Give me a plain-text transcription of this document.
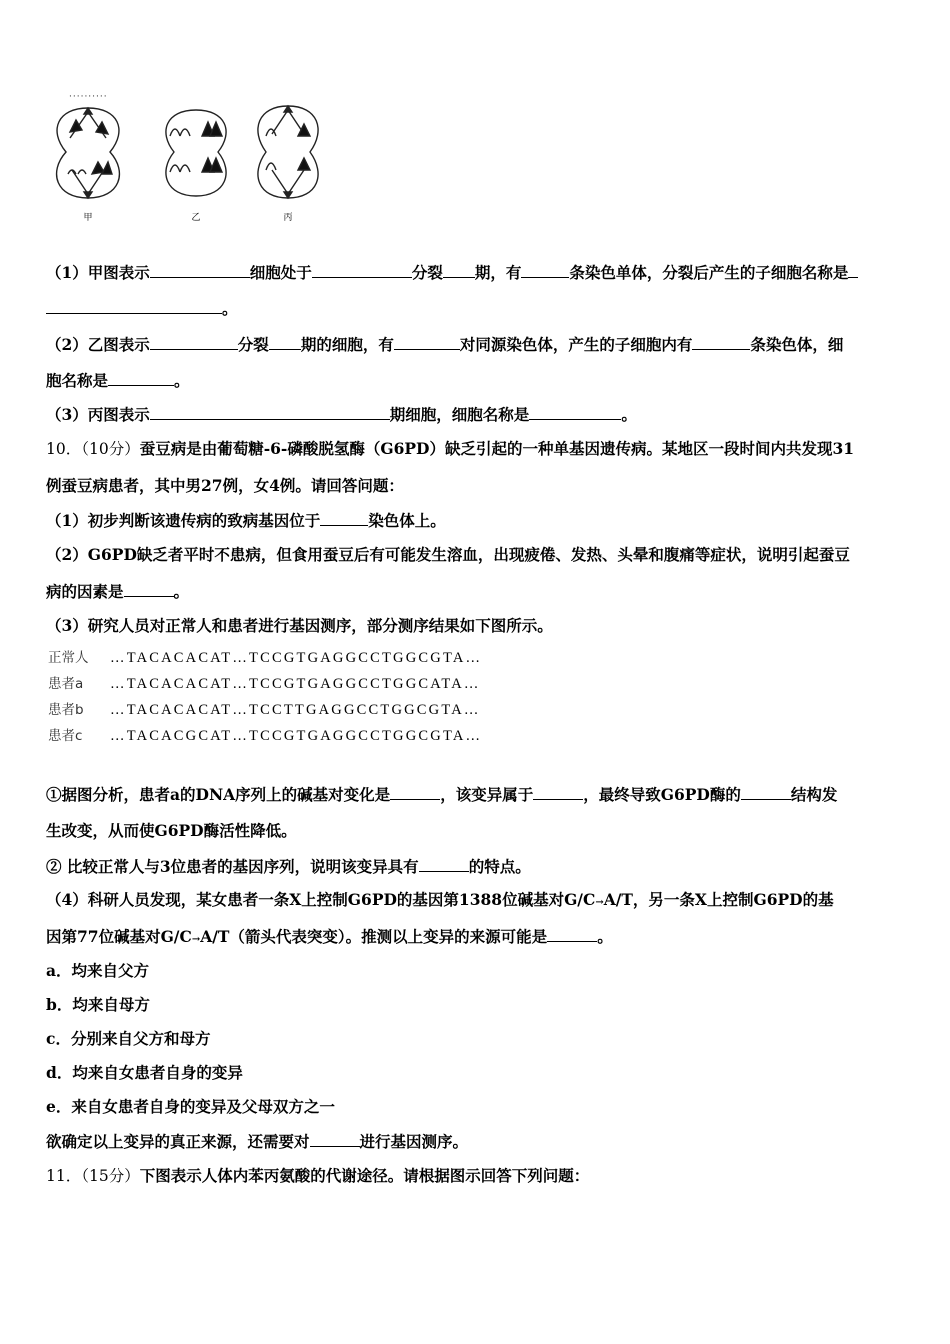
··········
甲	乙	丙
（1）甲图表示	细胞处于	分裂 期，有	条染色单体，分裂后产生的子细胞名称是
。
（2）乙图表示	分裂 期的细胞，有	对同源染色体，产生的子细胞内有	条染色体，细
胞名称是	。
（3）丙图表示	期细胞，细胞名称是	。
10．（10分）蚕豆病是由葡萄糖-6-磷酸脱氢酶（G6PD）缺乏引起的一种单基因遗传病。某地区一段时间内共发现31
例蚕豆病患者，其中男27例，女4例。请回答问题：
（1）初步判断该遗传病的致病基因位于	染色体上。
（2）G6PD缺乏者平时不患病，但食用蚕豆后有可能发生溶血，出现疲倦、发热、头晕和腹痛等症状，说明引起蚕豆
病的因素是	。
（3）研究人员对正常人和患者进行基因测序，部分测序结果如下图所示。
正常人 …TACACACAT…TCCGTGAGGCCTGGCGTA…
患者a …TACACACAT…TCCGTGAGGCCTGGCATA…
患者b …TACACACAT…TCCTTGAGGCCTGGCGTA…
患者c …TACACGCAT…TCCGTGAGGCCTGGCGTA…
①据图分析，患者a的DNA序列上的碱基对变化是	，该变异属于	，最终导致G6PD酶的	结构发
生改变，从而使G6PD酶活性降低。
② 比较正常人与3位患者的基因序列，说明该变异具有	的特点。
（4）科研人员发现，某女患者一条X上控制G6PD的基因第1388位碱基对G/C→A/T，另一条X上控制G6PD的基
因第77位碱基对G/C→A/T（箭头代表突变）。推测以上变异的来源可能是	。
a．均来自父方
b．均来自母方
c．分别来自父方和母方
d．均来自女患者自身的变异
e．来自女患者自身的变异及父母双方之一
欲确定以上变异的真正来源，还需要对	进行基因测序。
11．（15分）下图表示人体内苯丙氨酸的代谢途径。请根据图示回答下列问题：
